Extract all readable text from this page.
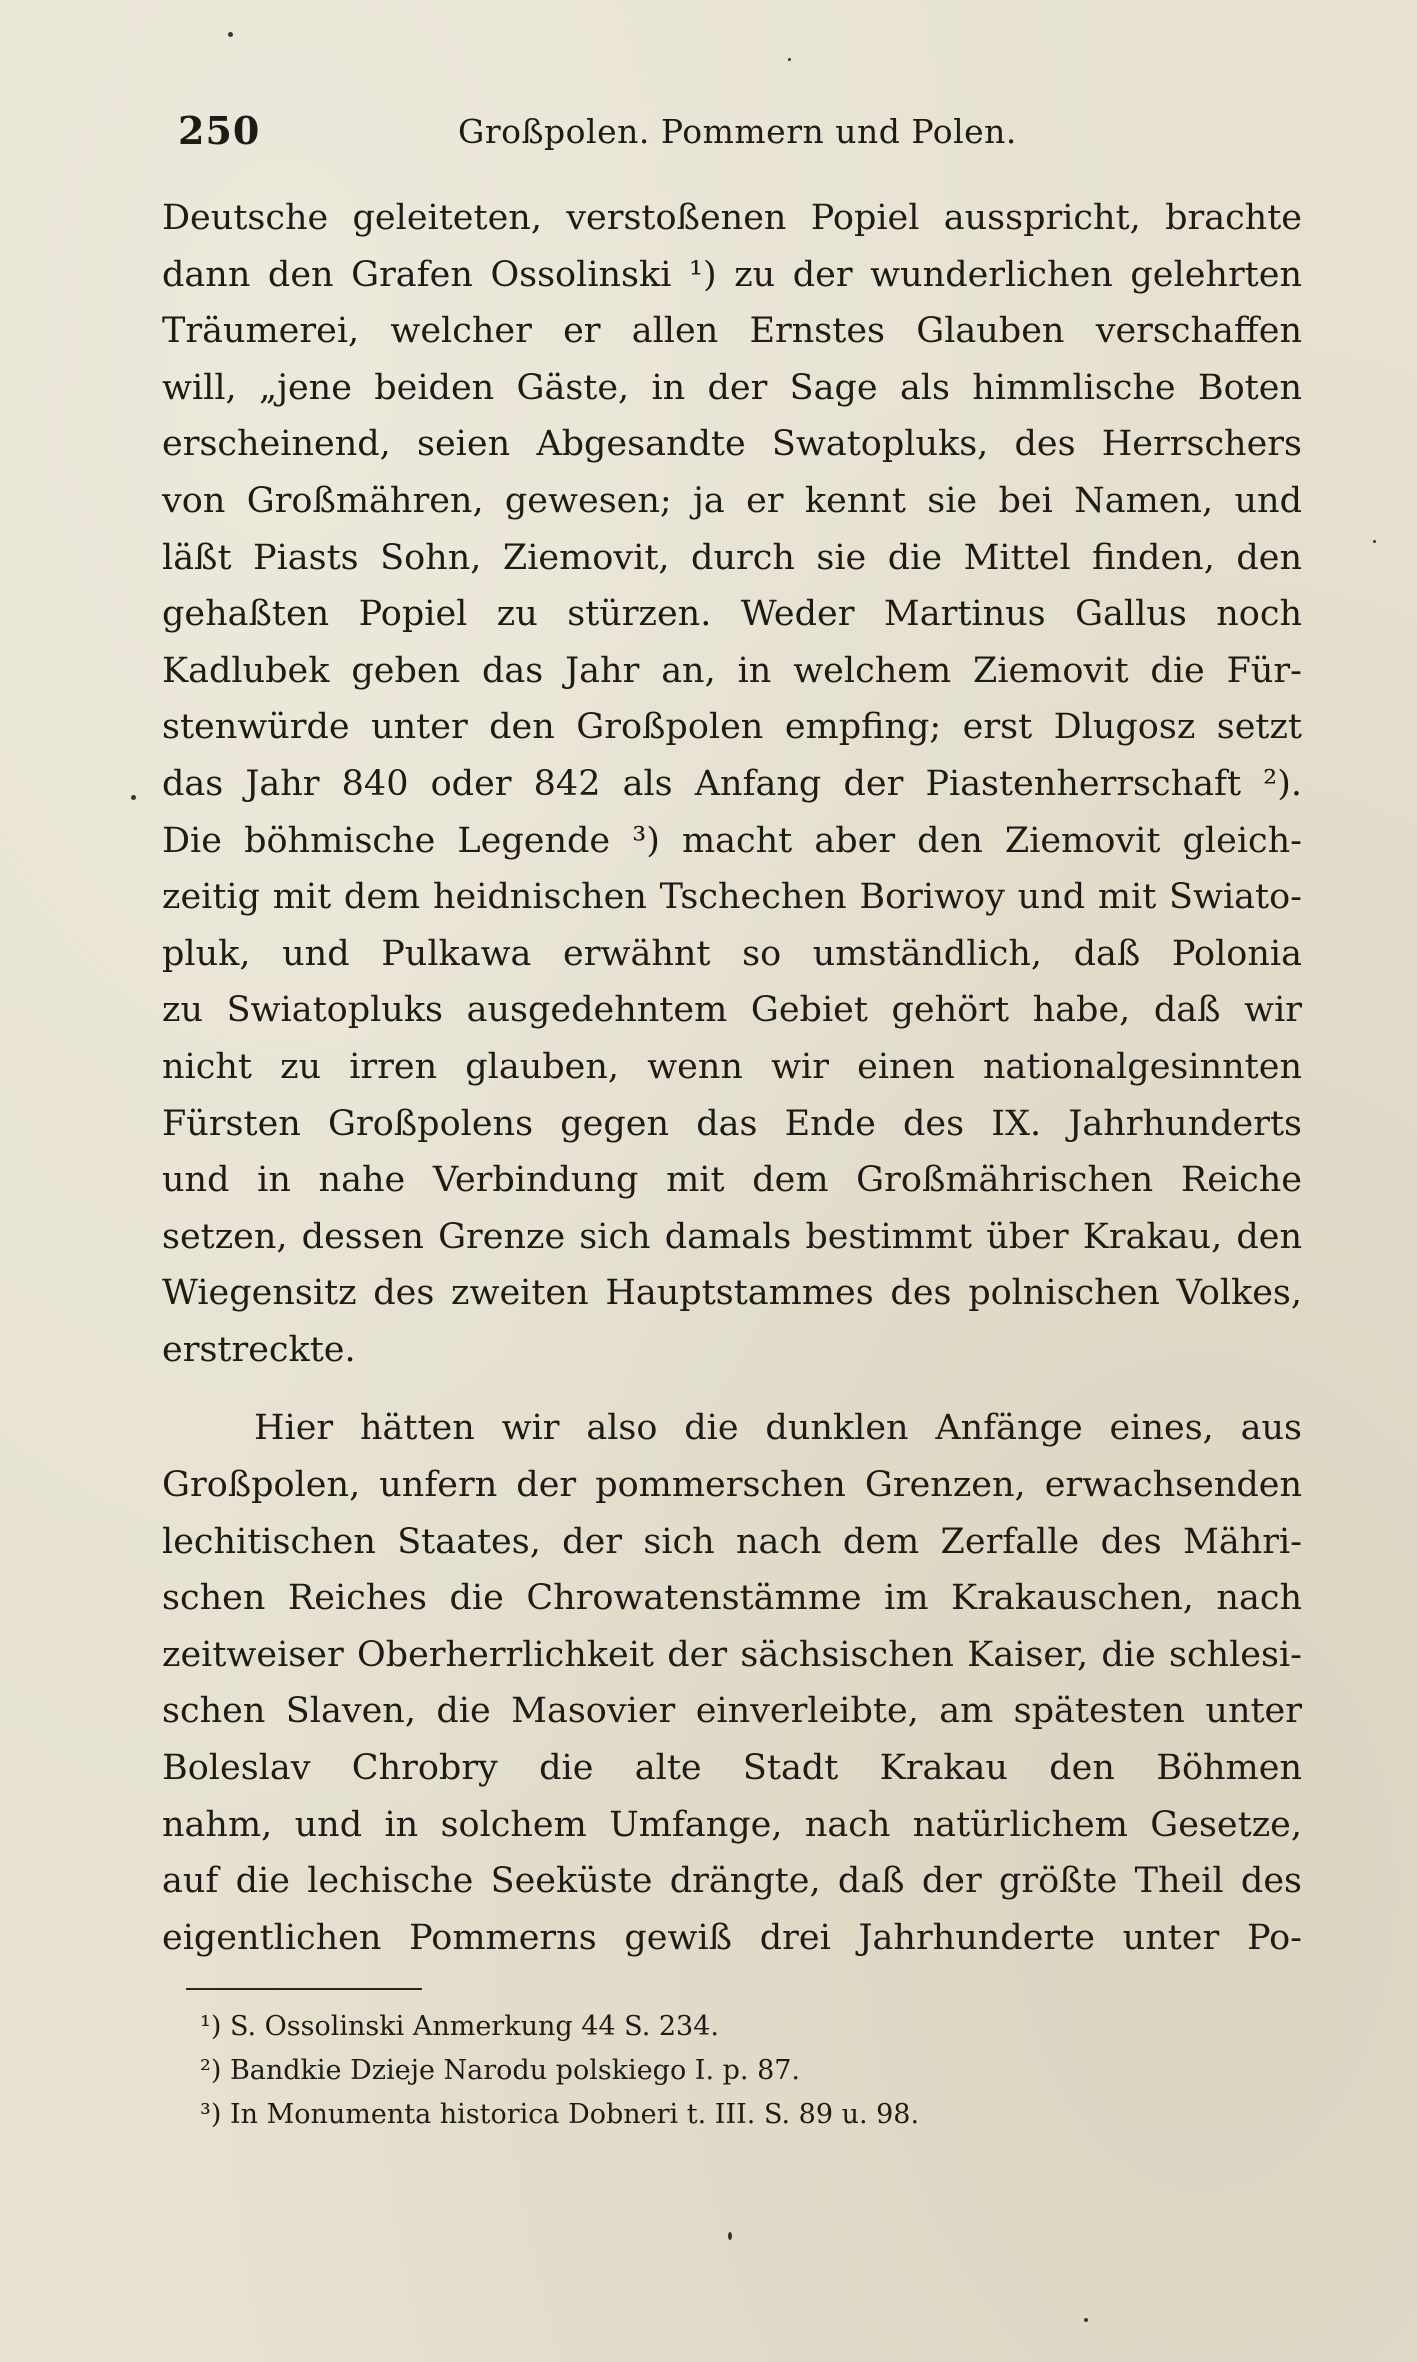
250	Großpolen. Pommern und Polen.
Deutsche geleiteten, verstoßenen Popiel ausspricht, brachte
dann den Grafen Ossolinski ¹) zu der wunderlichen gelehrten
Träumerei, welcher er allen Ernstes Glauben verschaffen
will, „jene beiden Gäste, in der Sage als himmlische Boten
erscheinend, seien Abgesandte Swatopluks, des Herrschers
von Großmähren, gewesen; ja er kennt sie bei Namen, und
läßt Piasts Sohn, Ziemovit, durch sie die Mittel finden, den
gehaßten Popiel zu stürzen. Weder Martinus Gallus noch
Kadlubek geben das Jahr an, in welchem Ziemovit die Für-
stenwürde unter den Großpolen empfing; erst Dlugosz setzt
das Jahr 840 oder 842 als Anfang der Piastenherrschaft ²).
Die böhmische Legende ³) macht aber den Ziemovit gleich-
zeitig mit dem heidnischen Tschechen Boriwoy und mit Swiato-
pluk, und Pulkawa erwähnt so umständlich, daß Polonia
zu Swiatopluks ausgedehntem Gebiet gehört habe, daß wir
nicht zu irren glauben, wenn wir einen nationalgesinnten
Fürsten Großpolens gegen das Ende des IX. Jahrhunderts
und in nahe Verbindung mit dem Großmährischen Reiche
setzen, dessen Grenze sich damals bestimmt über Krakau, den
Wiegensitz des zweiten Hauptstammes des polnischen Volkes,
erstreckte.
Hier hätten wir also die dunklen Anfänge eines, aus
Großpolen, unfern der pommerschen Grenzen, erwachsenden
lechitischen Staates, der sich nach dem Zerfalle des Mähri-
schen Reiches die Chrowatenstämme im Krakauschen, nach
zeitweiser Oberherrlichkeit der sächsischen Kaiser, die schlesi-
schen Slaven, die Masovier einverleibte, am spätesten unter
Boleslav Chrobry die alte Stadt Krakau den Böhmen
nahm, und in solchem Umfange, nach natürlichem Gesetze,
auf die lechische Seeküste drängte, daß der größte Theil des
eigentlichen Pommerns gewiß drei Jahrhunderte unter Po-
¹) S. Ossolinski Anmerkung 44 S. 234.
²) Bandkie Dzieje Narodu polskiego I. p. 87.
³) In Monumenta historica Dobneri t. III. S. 89 u. 98.
